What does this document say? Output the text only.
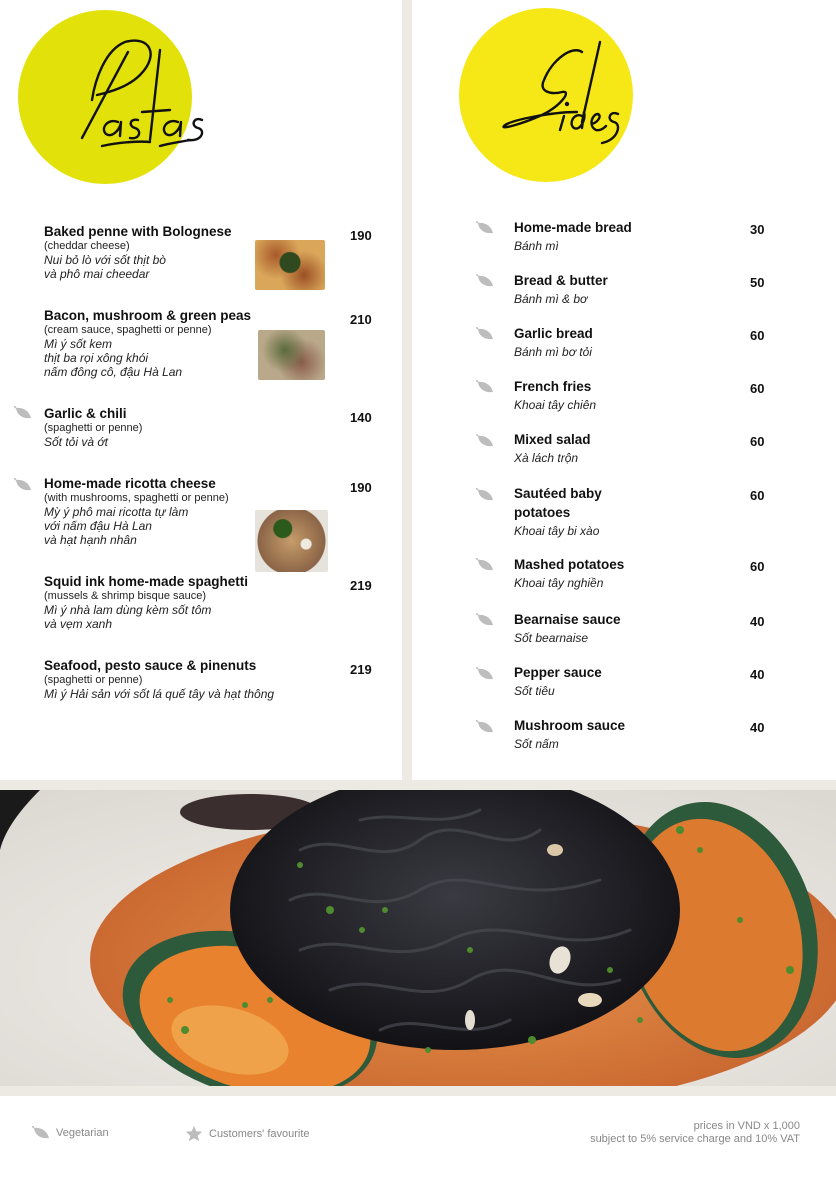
Baked penne with Bolognese
(cheddar cheese)
Nui bỏ lò với sốt thịt bò
và phô mai cheedar
190
Bacon, mushroom & green peas
(cream sauce, spaghetti or penne)
Mì ý sốt kem
thịt ba rọi xông khói
nấm đông cô, đậu Hà Lan
210
Garlic & chili
(spaghetti or penne)
Sốt tỏi và ớt
140
Home-made ricotta cheese
(with mushrooms, spaghetti or penne)
Mỳ ý phô mai ricotta tự làm
với nấm đậu Hà Lan
và hạt hạnh nhân
190
Squid ink home-made spaghetti
(mussels & shrimp bisque sauce)
Mì ý nhà lam dùng kèm sốt tôm
và vẹm xanh
219
Seafood, pesto sauce & pinenuts
(spaghetti or penne)
Mì ý Hải sản với sốt lá quế tây và hạt thông
219
Home-made bread
Bánh mì
30
Bread & butter
Bánh mì & bơ
50
Garlic bread
Bánh mì bơ tỏi
60
French fries
Khoai tây chiên
60
Mixed salad
Xà lách trộn
60
Sautéed baby
potatoes
Khoai tây bi xào
60
Mashed potatoes
Khoai tây nghiền
60
Bearnaise sauce
Sốt bearnaise
40
Pepper sauce
Sốt tiêu
40
Mushroom sauce
Sốt nấm
40
Vegetarian	Customers' favourite
prices in VND x 1,000
subject to 5% service charge and 10% VAT
